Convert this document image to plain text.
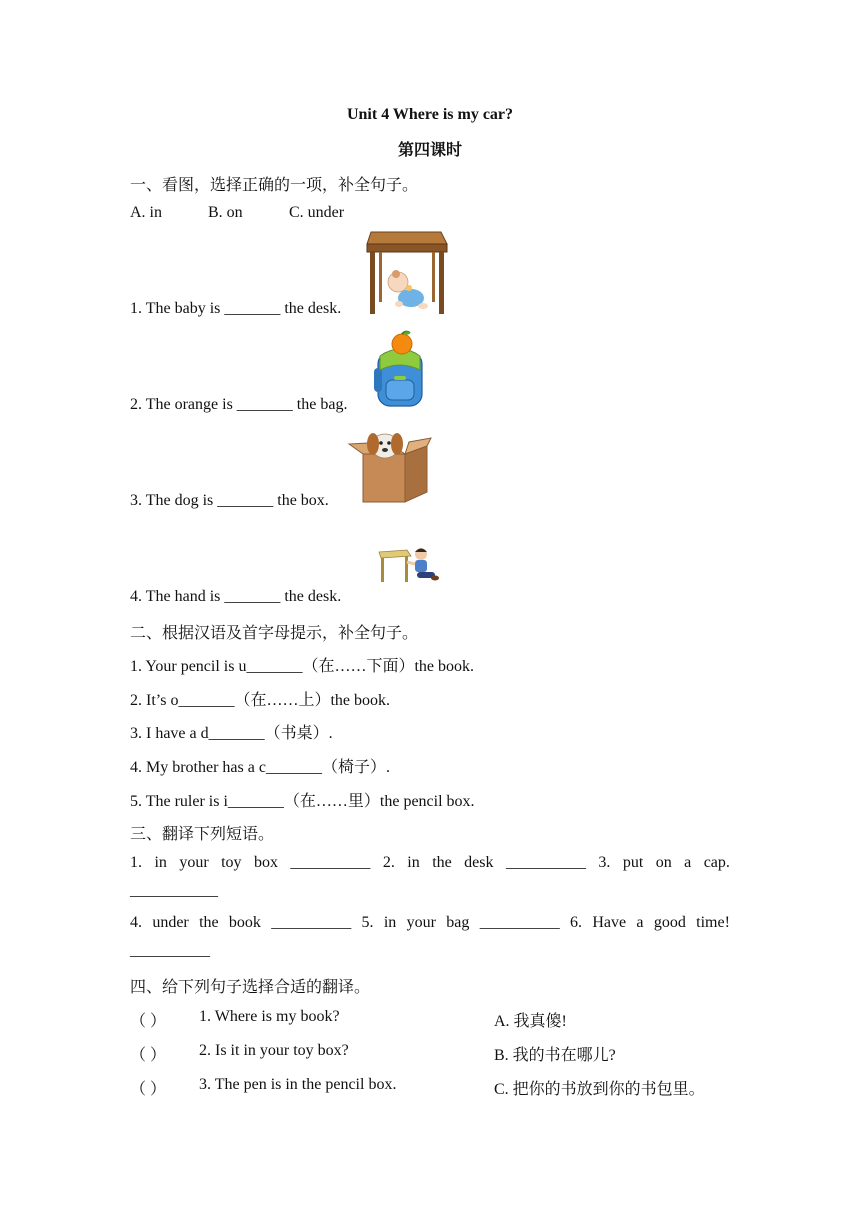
Unit 4 Where is my car?
第四课时
一、看图，选择正确的一项，补全句子。
A. in	B. on	C. under
1. The baby is _______ the desk.
2. The orange is _______ the bag.
3. The dog is _______ the box.
4. The hand is _______ the desk.
二、根据汉语及首字母提示，补全句子。
1. Your pencil is u_______（在……下面）the book.
2. It’s o_______（在……上）the book.
3. I have a d_______（书桌）.
4. My brother has a c_______（椅子）.
5. The ruler is i_______（在……里）the pencil box.
三、翻译下列短语。
1. in your toy box __________ 2. in the desk __________ 3. put on a cap.
___________
4. under the book __________ 5. in your bag __________ 6. Have a good time!
__________
四、给下列句子选择合适的翻译。
（ ） 1. Where is my book?	A. 我真傻!
（ ） 2. Is it in your toy box?	B. 我的书在哪儿?
（ ） 3. The pen is in the pencil box.	C. 把你的书放到你的书包里。
